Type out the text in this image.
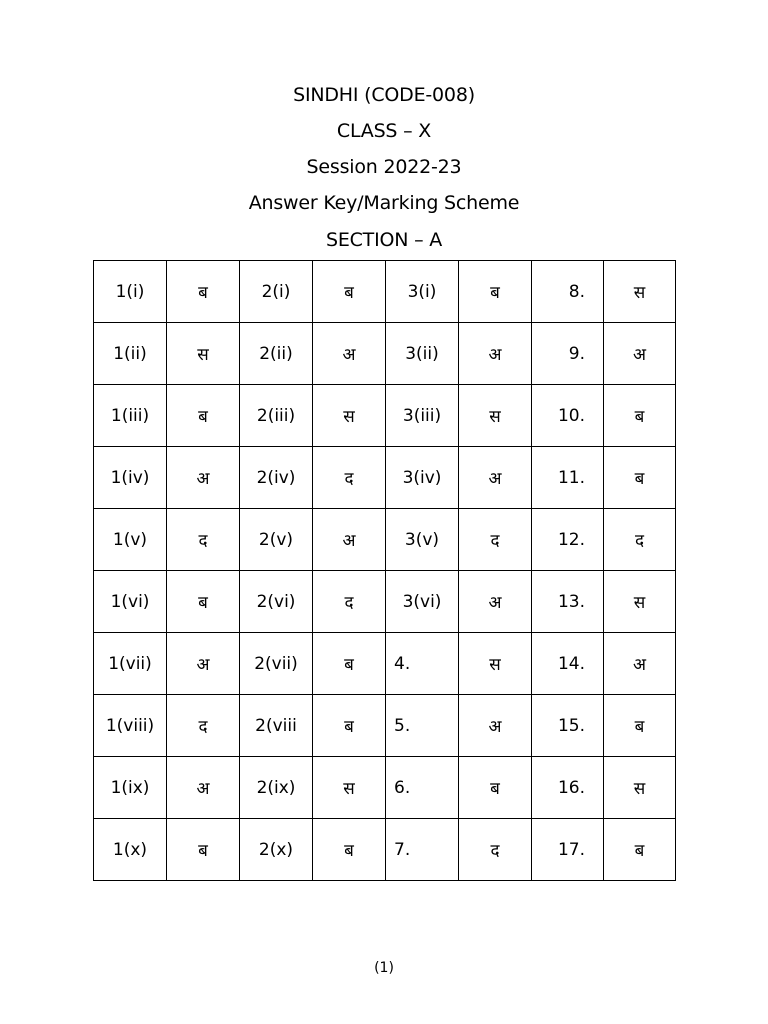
SINDHI (CODE-008)
CLASS – X
Session 2022-23
Answer Key/Marking Scheme
SECTION – A
1(i)	ब	2(i)	ब	3(i)	ब	8.	स
1(ii)	स	2(ii)	अ	3(ii)	अ	9.	अ
1(iii)	ब	2(iii)	स	3(iii)	स	10.	ब
1(iv)	अ	2(iv)	द	3(iv)	अ	11.	ब
1(v)	द	2(v)	अ	3(v)	द	12.	द
1(vi)	ब	2(vi)	द	3(vi)	अ	13.	स
1(vii)	अ	2(vii)	ब	4.	स	14.	अ
1(viii)	द	2(viii	ब	5.	अ	15.	ब
1(ix)	अ	2(ix)	स	6.	ब	16.	स
1(x)	ब	2(x)	ब	7.	द	17.	ब
(1)
